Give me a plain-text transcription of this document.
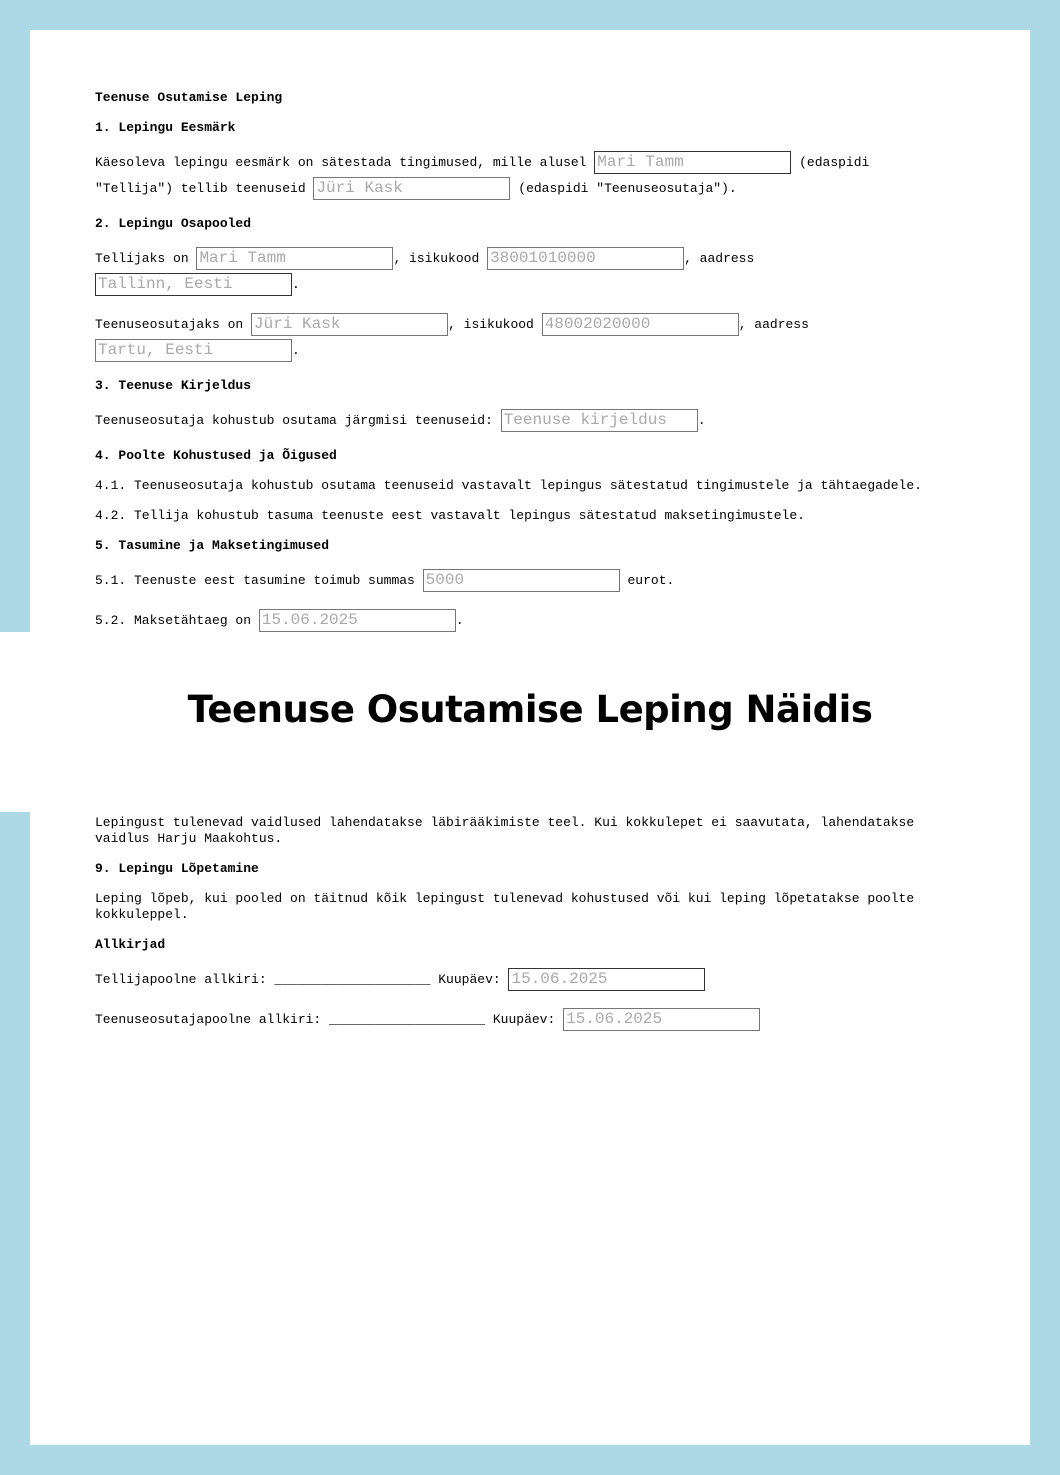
Teenuse Osutamise Leping
1. Lepingu Eesmärk
Käesoleva lepingu eesmärk on sätestada tingimused, mille alusel Mari Tamm	(edaspidi
"Tellija") tellib teenuseid Jüri Kask	(edaspidi "Teenuseosutaja").
2. Lepingu Osapooled
Tellijaks on Mari Tamm	, isikukood 38001010000	, aadress
Tallinn, Eesti	.
Teenuseosutajaks on Jüri Kask	, isikukood 48002020000	, aadress
Tartu, Eesti	.
3. Teenuse Kirjeldus
Teenuseosutaja kohustub osutama järgmisi teenuseid: Teenuse kirjeldus .
4. Poolte Kohustused ja Õigused
4.1. Teenuseosutaja kohustub osutama teenuseid vastavalt lepingus sätestatud tingimustele ja tähtaegadele.
4.2. Tellija kohustub tasuma teenuste eest vastavalt lepingus sätestatud maksetingimustele.
5. Tasumine ja Maksetingimused
5.1. Teenuste eest tasumine toimub summas 5000	eurot.
5.2. Maksetähtaeg on 15.06.2025	.
Lepingust tulenevad vaidlused lahendatakse läbirääkimiste teel. Kui kokkulepet ei saavutata, lahendatakse vaidlus Harju Maakohtus.
9. Lepingu Lõpetamine
Leping lõpeb, kui pooled on täitnud kõik lepingust tulenevad kohustused või kui leping lõpetatakse poolte kokkuleppel.
Allkirjad
Tellijapoolne allkiri: ____________________ Kuupäev: 15.06.2025
Teenuseosutajapoolne allkiri: ____________________ Kuupäev: 15.06.2025
Teenuse Osutamise Leping Näidis
